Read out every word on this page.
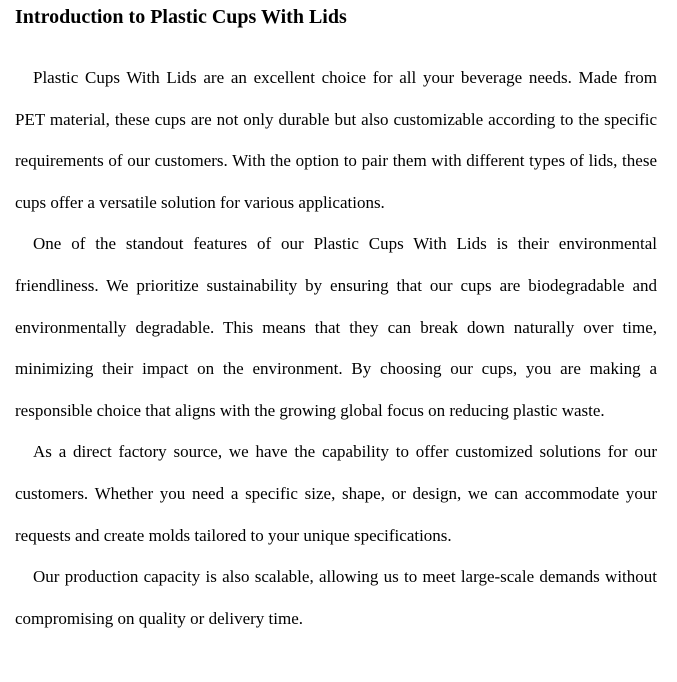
Introduction to Plastic Cups With Lids

Plastic Cups With Lids are an excellent choice for all your beverage needs. Made from PET material, these cups are not only durable but also customizable according to the specific requirements of our customers. With the option to pair them with different types of lids, these cups offer a versatile solution for various applications.

One of the standout features of our Plastic Cups With Lids is their environmental friendliness. We prioritize sustainability by ensuring that our cups are biodegradable and environmentally degradable. This means that they can break down naturally over time, minimizing their impact on the environment. By choosing our cups, you are making a responsible choice that aligns with the growing global focus on reducing plastic waste.

As a direct factory source, we have the capability to offer customized solutions for our customers. Whether you need a specific size, shape, or design, we can accommodate your requests and create molds tailored to your unique specifications.

Our production capacity is also scalable, allowing us to meet large-scale demands without compromising on quality or delivery time.
